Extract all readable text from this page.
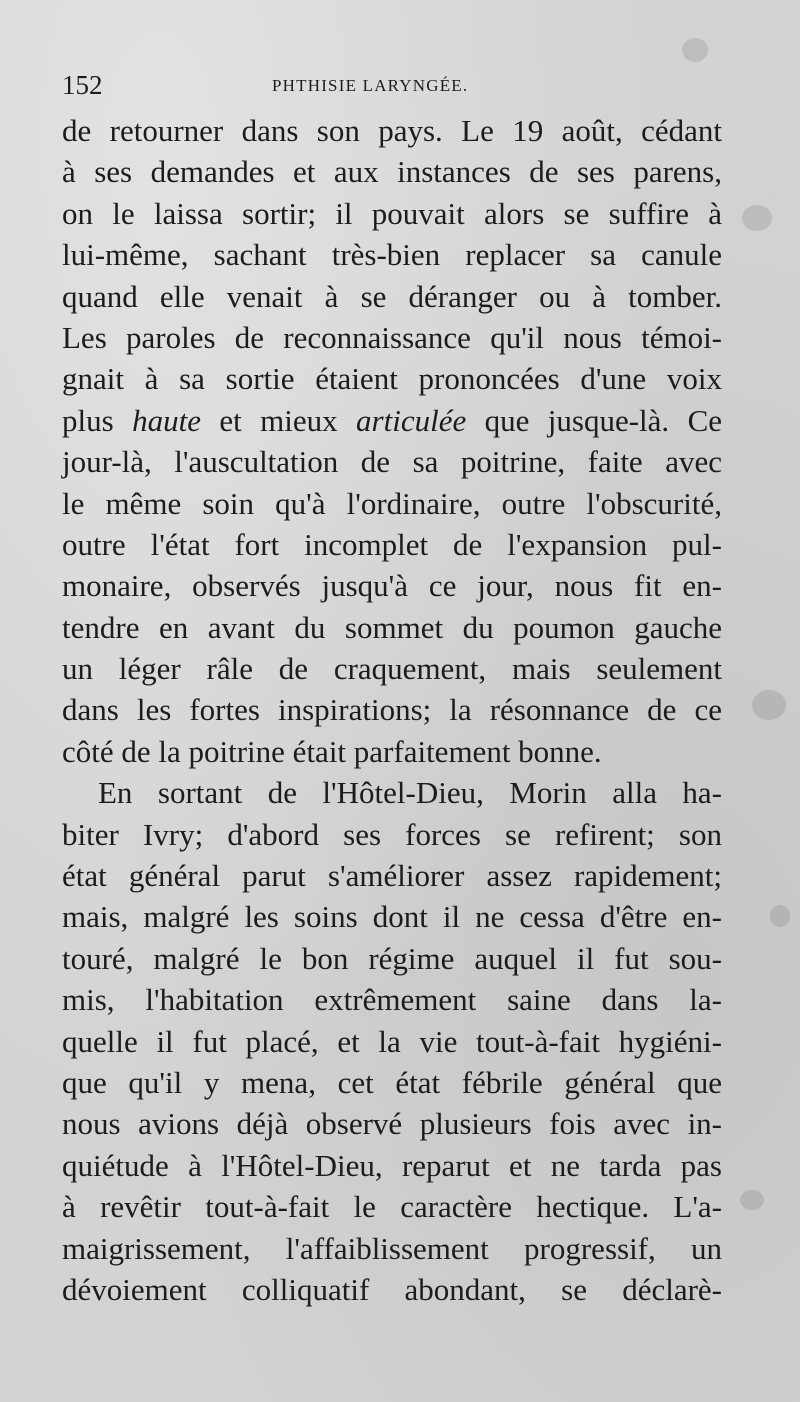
152	PHTHISIE LARYNGÉE.
de retourner dans son pays. Le 19 août, cédant
à ses demandes et aux instances de ses parens,
on le laissa sortir; il pouvait alors se suffire à
lui-même, sachant très-bien replacer sa canule
quand elle venait à se déranger ou à tomber.
Les paroles de reconnaissance qu'il nous témoi-
gnait à sa sortie étaient prononcées d'une voix
plus haute et mieux articulée que jusque-là. Ce
jour-là, l'auscultation de sa poitrine, faite avec
le même soin qu'à l'ordinaire, outre l'obscurité,
outre l'état fort incomplet de l'expansion pul-
monaire, observés jusqu'à ce jour, nous fit en-
tendre en avant du sommet du poumon gauche
un léger râle de craquement, mais seulement
dans les fortes inspirations; la résonnance de ce
côté de la poitrine était parfaitement bonne.
En sortant de l'Hôtel-Dieu, Morin alla ha-
biter Ivry; d'abord ses forces se refirent; son
état général parut s'améliorer assez rapidement;
mais, malgré les soins dont il ne cessa d'être en-
touré, malgré le bon régime auquel il fut sou-
mis, l'habitation extrêmement saine dans la-
quelle il fut placé, et la vie tout-à-fait hygiéni-
que qu'il y mena, cet état fébrile général que
nous avions déjà observé plusieurs fois avec in-
quiétude à l'Hôtel-Dieu, reparut et ne tarda pas
à revêtir tout-à-fait le caractère hectique. L'a-
maigrissement, l'affaiblissement progressif, un
dévoiement colliquatif abondant, se déclarè-
